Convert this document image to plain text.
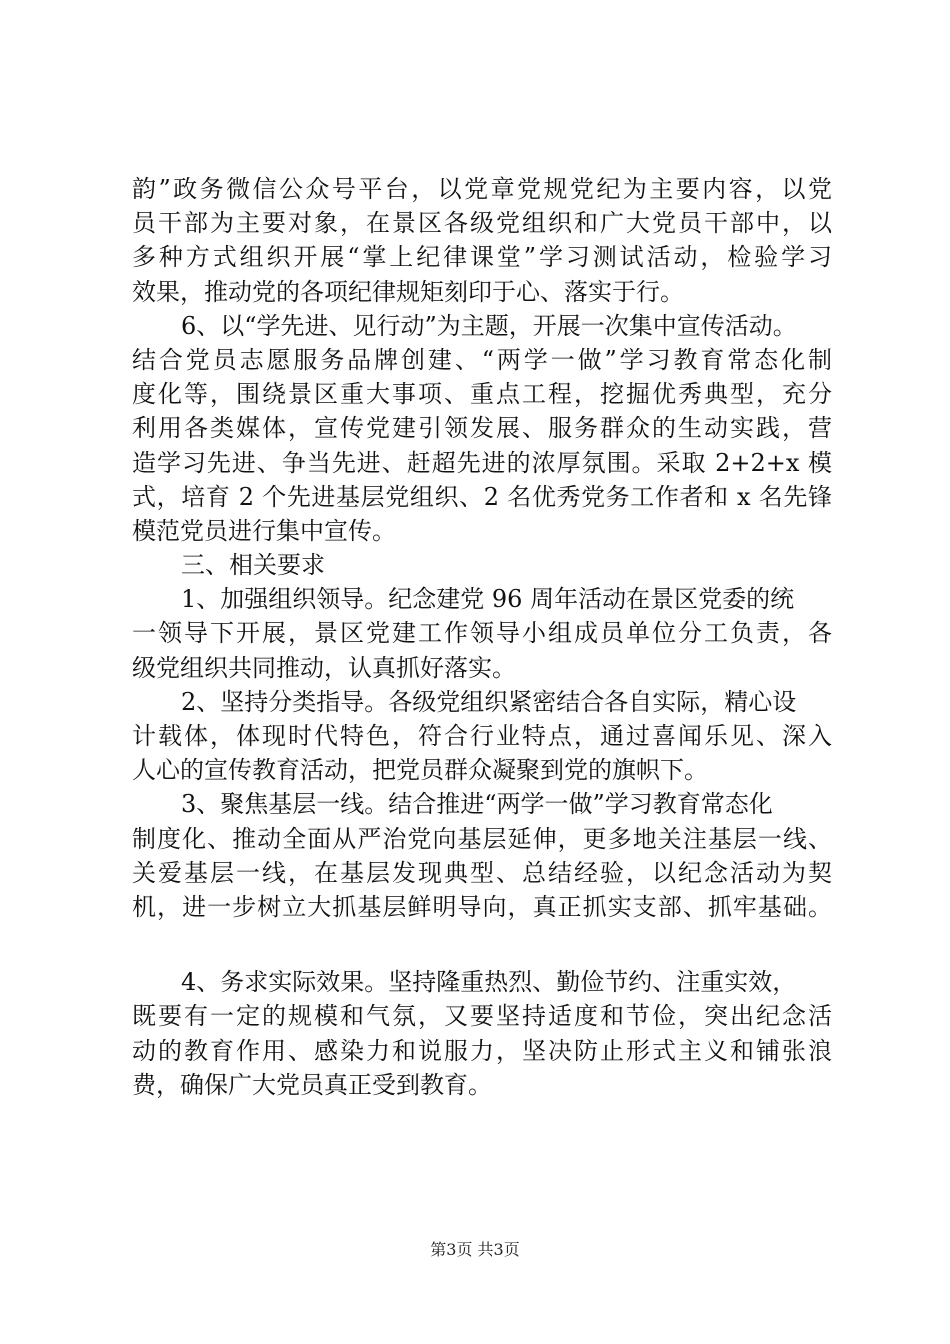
韵”政务微信公众号平台，以党章党规党纪为主要内容，以党
员干部为主要对象，在景区各级党组织和广大党员干部中，以
多种方式组织开展“掌上纪律课堂”学习测试活动，检验学习
效果，推动党的各项纪律规矩刻印于心、落实于行。
6、以“学先进、见行动”为主题，开展一次集中宣传活动。
结合党员志愿服务品牌创建、“两学一做”学习教育常态化制
度化等，围绕景区重大事项、重点工程，挖掘优秀典型，充分
利用各类媒体，宣传党建引领发展、服务群众的生动实践，营
造学习先进、争当先进、赶超先进的浓厚氛围。采取 2+2+x 模
式，培育 2 个先进基层党组织、2 名优秀党务工作者和 x 名先锋
模范党员进行集中宣传。
三、相关要求
1、加强组织领导。纪念建党 96 周年活动在景区党委的统
一领导下开展，景区党建工作领导小组成员单位分工负责，各
级党组织共同推动，认真抓好落实。
2、坚持分类指导。各级党组织紧密结合各自实际，精心设
计载体，体现时代特色，符合行业特点，通过喜闻乐见、深入
人心的宣传教育活动，把党员群众凝聚到党的旗帜下。
3、聚焦基层一线。结合推进“两学一做”学习教育常态化
制度化、推动全面从严治党向基层延伸，更多地关注基层一线、
关爱基层一线，在基层发现典型、总结经验，以纪念活动为契
机，进一步树立大抓基层鲜明导向，真正抓实支部、抓牢基础。
4、务求实际效果。坚持隆重热烈、勤俭节约、注重实效，
既要有一定的规模和气氛，又要坚持适度和节俭，突出纪念活
动的教育作用、感染力和说服力，坚决防止形式主义和铺张浪
费，确保广大党员真正受到教育。
第3页 共3页
